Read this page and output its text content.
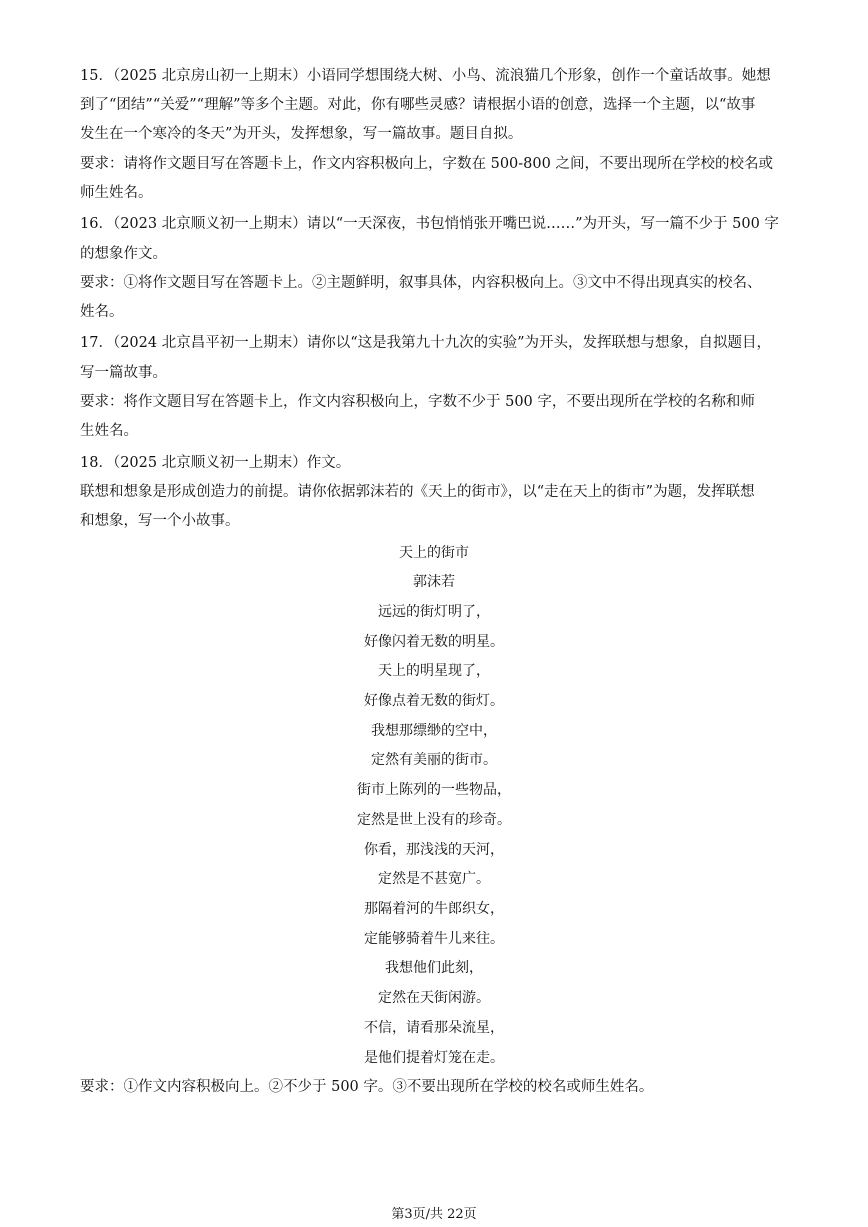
15．（2025 北京房山初一上期末）小语同学想围绕大树、小鸟、流浪猫几个形象，创作一个童话故事。她想
到了“团结”“关爱”“理解”等多个主题。对此，你有哪些灵感？请根据小语的创意，选择一个主题，以“故事
发生在一个寒冷的冬天”为开头，发挥想象，写一篇故事。题目自拟。
要求：请将作文题目写在答题卡上，作文内容积极向上，字数在 500-800 之间，不要出现所在学校的校名或
师生姓名。
16．（2023 北京顺义初一上期末）请以“一天深夜，书包悄悄张开嘴巴说……”为开头，写一篇不少于 500 字
的想象作文。
要求：①将作文题目写在答题卡上。②主题鲜明，叙事具体，内容积极向上。③文中不得出现真实的校名、
姓名。
17．（2024 北京昌平初一上期末）请你以“这是我第九十九次的实验”为开头，发挥联想与想象，自拟题目，
写一篇故事。
要求：将作文题目写在答题卡上，作文内容积极向上，字数不少于 500 字，不要出现所在学校的名称和师
生姓名。
18．（2025 北京顺义初一上期末）作文。
联想和想象是形成创造力的前提。请你依据郭沫若的《天上的街市》，以“走在天上的街市”为题，发挥联想
和想象，写一个小故事。
天上的街市
郭沫若
远远的街灯明了，
好像闪着无数的明星。
天上的明星现了，
好像点着无数的街灯。
我想那缥缈的空中，
定然有美丽的街市。
街市上陈列的一些物品，
定然是世上没有的珍奇。
你看，那浅浅的天河，
定然是不甚宽广。
那隔着河的牛郎织女，
定能够骑着牛儿来往。
我想他们此刻，
定然在天街闲游。
不信，请看那朵流星，
是他们提着灯笼在走。
要求：①作文内容积极向上。②不少于 500 字。③不要出现所在学校的校名或师生姓名。
第3页/共 22页
